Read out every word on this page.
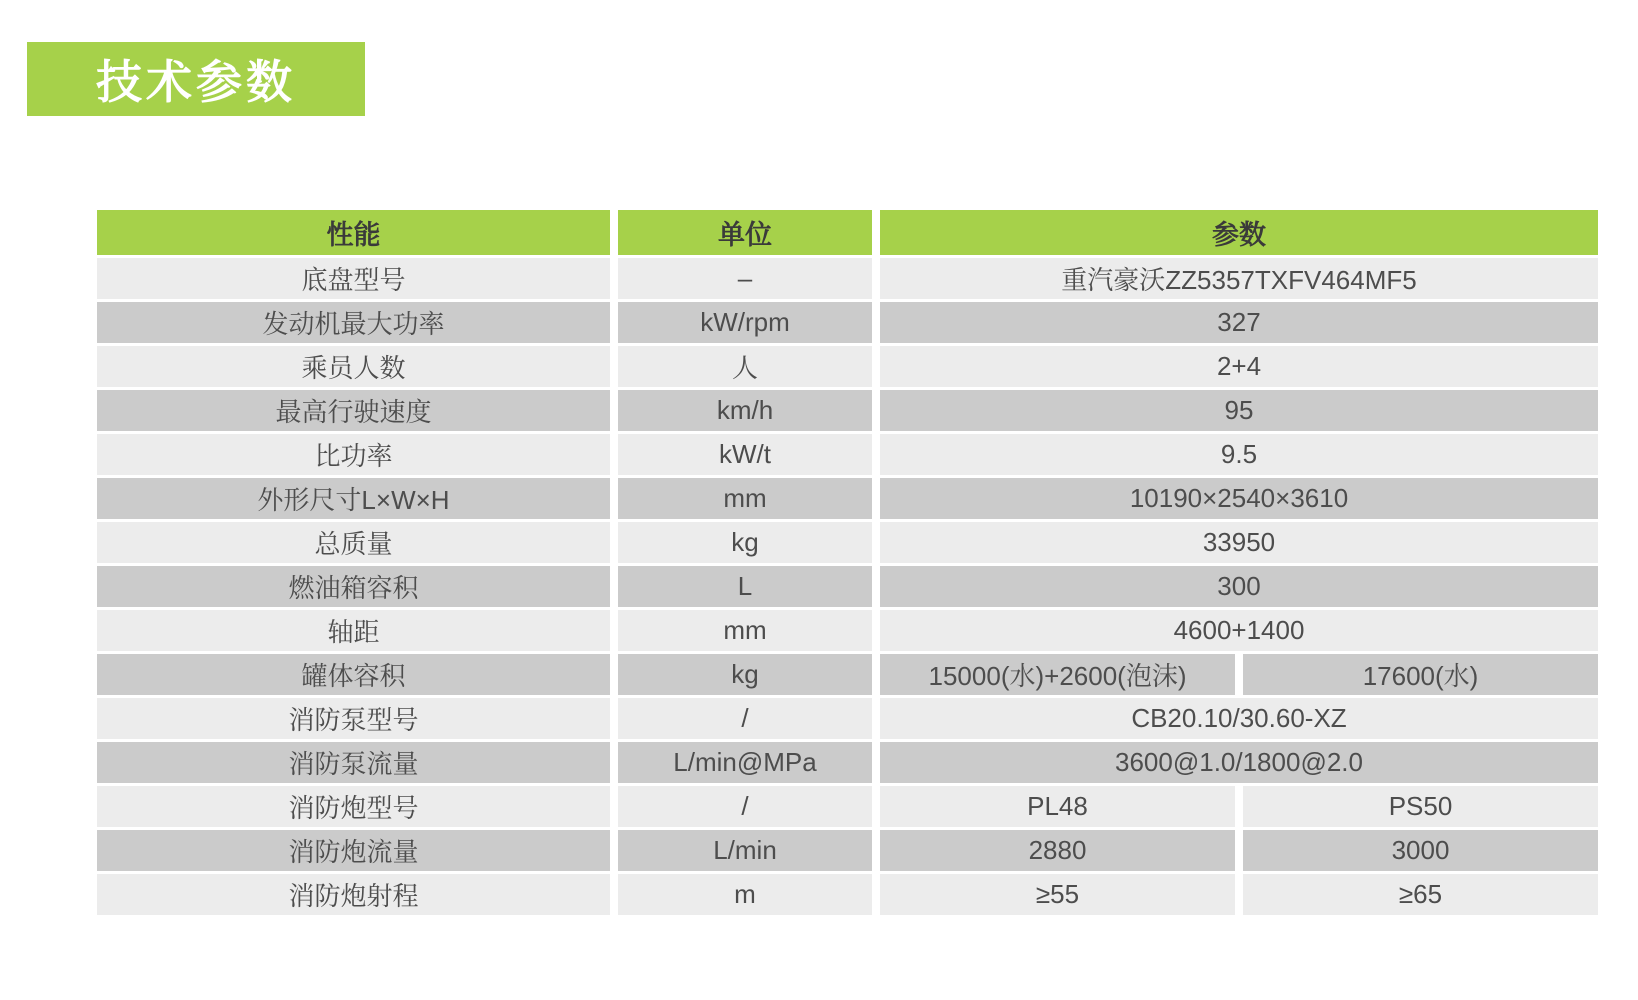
技术参数
性能	单位	参数
底盘型号	–	重汽豪沃ZZ5357TXFV464MF5
发动机最大功率	kW/rpm	327
乘员人数	人	2+4
最高行驶速度	km/h	95
比功率	kW/t	9.5
外形尺寸L×W×H	mm	10190×2540×3610
总质量	kg	33950
燃油箱容积	L	300
轴距	mm	4600+1400
罐体容积	kg	15000(水)+2600(泡沫)	17600(水)
消防泵型号	/	CB20.10/30.60-XZ
消防泵流量	L/min@MPa	3600@1.0/1800@2.0
消防炮型号	/	PL48	PS50
消防炮流量	L/min	2880	3000
消防炮射程	m	≥55	≥65
